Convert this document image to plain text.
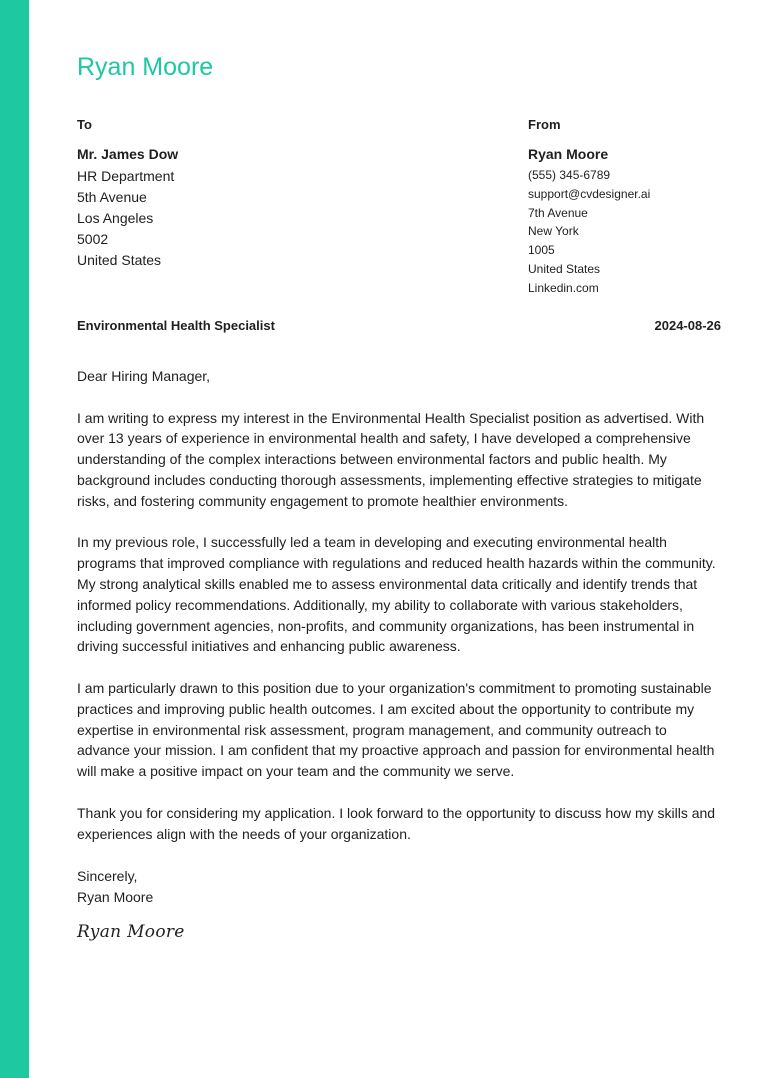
Ryan Moore
To
Mr. James Dow
HR Department
5th Avenue
Los Angeles
5002
United States
From
Ryan Moore
(555) 345-6789
support@cvdesigner.ai
7th Avenue
New York
1005
United States
Linkedin.com
Environmental Health Specialist	2024-08-26

Dear Hiring Manager,

I am writing to express my interest in the Environmental Health Specialist position as advertised. With over 13 years of experience in environmental health and safety, I have developed a comprehensive understanding of the complex interactions between environmental factors and public health. My background includes conducting thorough assessments, implementing effective strategies to mitigate risks, and fostering community engagement to promote healthier environments.

In my previous role, I successfully led a team in developing and executing environmental health programs that improved compliance with regulations and reduced health hazards within the community. My strong analytical skills enabled me to assess environmental data critically and identify trends that informed policy recommendations. Additionally, my ability to collaborate with various stakeholders, including government agencies, non-profits, and community organizations, has been instrumental in driving successful initiatives and enhancing public awareness.

I am particularly drawn to this position due to your organization's commitment to promoting sustainable practices and improving public health outcomes. I am excited about the opportunity to contribute my expertise in environmental risk assessment, program management, and community outreach to advance your mission. I am confident that my proactive approach and passion for environmental health will make a positive impact on your team and the community we serve.

Thank you for considering my application. I look forward to the opportunity to discuss how my skills and experiences align with the needs of your organization.

Sincerely,
Ryan Moore
Ryan Moore
